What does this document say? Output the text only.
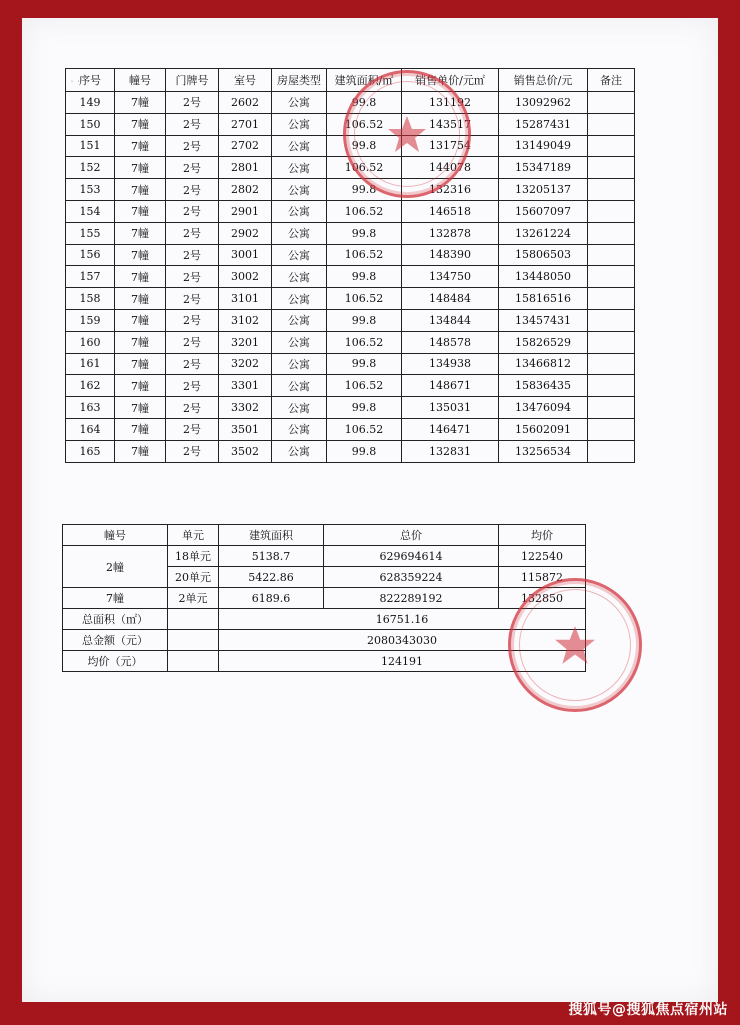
˙ ˙
序号	幢号	门牌号	室号	房屋类型	建筑面积/㎡	销售单价/元㎡	销售总价/元	备注
149	7幢	2号	2602	公寓	99.8	131192	13092962	
150	7幢	2号	2701	公寓	106.52	143517	15287431	
151	7幢	2号	2702	公寓	99.8	131754	13149049	
152	7幢	2号	2801	公寓	106.52	144078	15347189	
153	7幢	2号	2802	公寓	99.8	132316	13205137	
154	7幢	2号	2901	公寓	106.52	146518	15607097	
155	7幢	2号	2902	公寓	99.8	132878	13261224	
156	7幢	2号	3001	公寓	106.52	148390	15806503	
157	7幢	2号	3002	公寓	99.8	134750	13448050	
158	7幢	2号	3101	公寓	106.52	148484	15816516	
159	7幢	2号	3102	公寓	99.8	134844	13457431	
160	7幢	2号	3201	公寓	106.52	148578	15826529	
161	7幢	2号	3202	公寓	99.8	134938	13466812	
162	7幢	2号	3301	公寓	106.52	148671	15836435	
163	7幢	2号	3302	公寓	99.8	135031	13476094	
164	7幢	2号	3501	公寓	106.52	146471	15602091	
165	7幢	2号	3502	公寓	99.8	132831	13256534	
幢号	单元	建筑面积	总价	均价
2幢	18单元	5138.7	629694614	122540
	20单元	5422.86	628359224	115872
7幢	2单元	6189.6	822289192	132850
总面积（㎡）		16751.16		
总金额（元）		2080343030		
均价（元）		124191		
搜狐号@搜狐焦点宿州站
